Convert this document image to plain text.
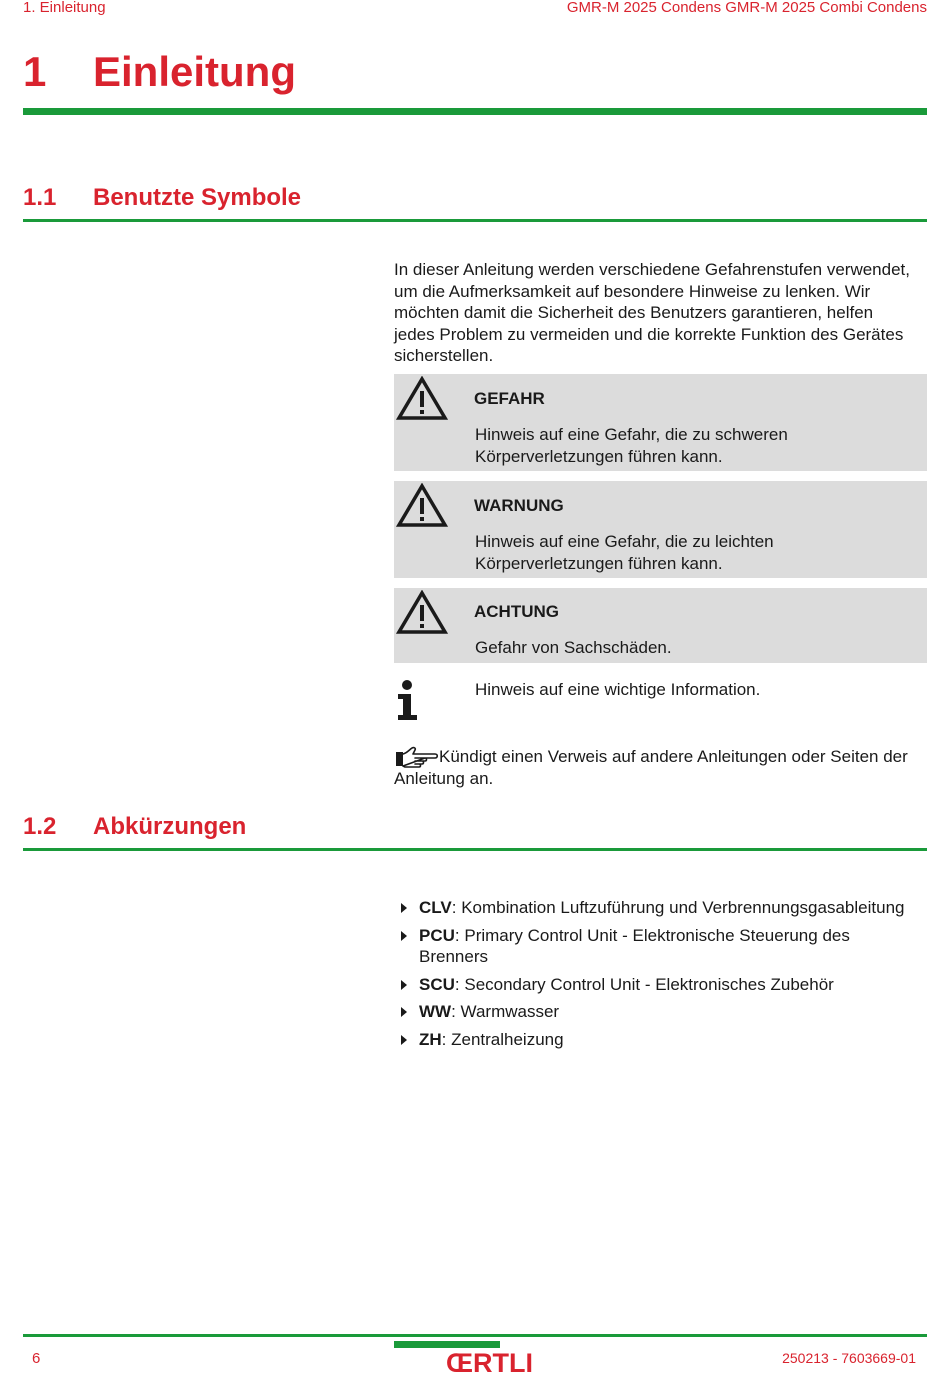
1. Einleitung	GMR-M 2025 Condens GMR-M 2025 Combi Condens
1 Einleitung
1.1 Benutzte Symbole
In dieser Anleitung werden verschiedene Gefahrenstufen verwendet,
um die Aufmerksamkeit auf besondere Hinweise zu lenken. Wir
möchten damit die Sicherheit des Benutzers garantieren, helfen
jedes Problem zu vermeiden und die korrekte Funktion des Gerätes
sicherstellen.
GEFAHR
Hinweis auf eine Gefahr, die zu schweren
Körperverletzungen führen kann.
WARNUNG
Hinweis auf eine Gefahr, die zu leichten
Körperverletzungen führen kann.
ACHTUNG
Gefahr von Sachschäden.
Hinweis auf eine wichtige Information.
Kündigt einen Verweis auf andere Anleitungen oder Seiten der
Anleitung an.
1.2 Abkürzungen
CLV: Kombination Luftzuführung und Verbrennungsgasableitung
PCU: Primary Control Unit - Elektronische Steuerung des
Brenners
SCU: Secondary Control Unit - Elektronisches Zubehör
WW: Warmwasser
ZH: Zentralheizung
6	ŒRTLI	250213 - 7603669-01
